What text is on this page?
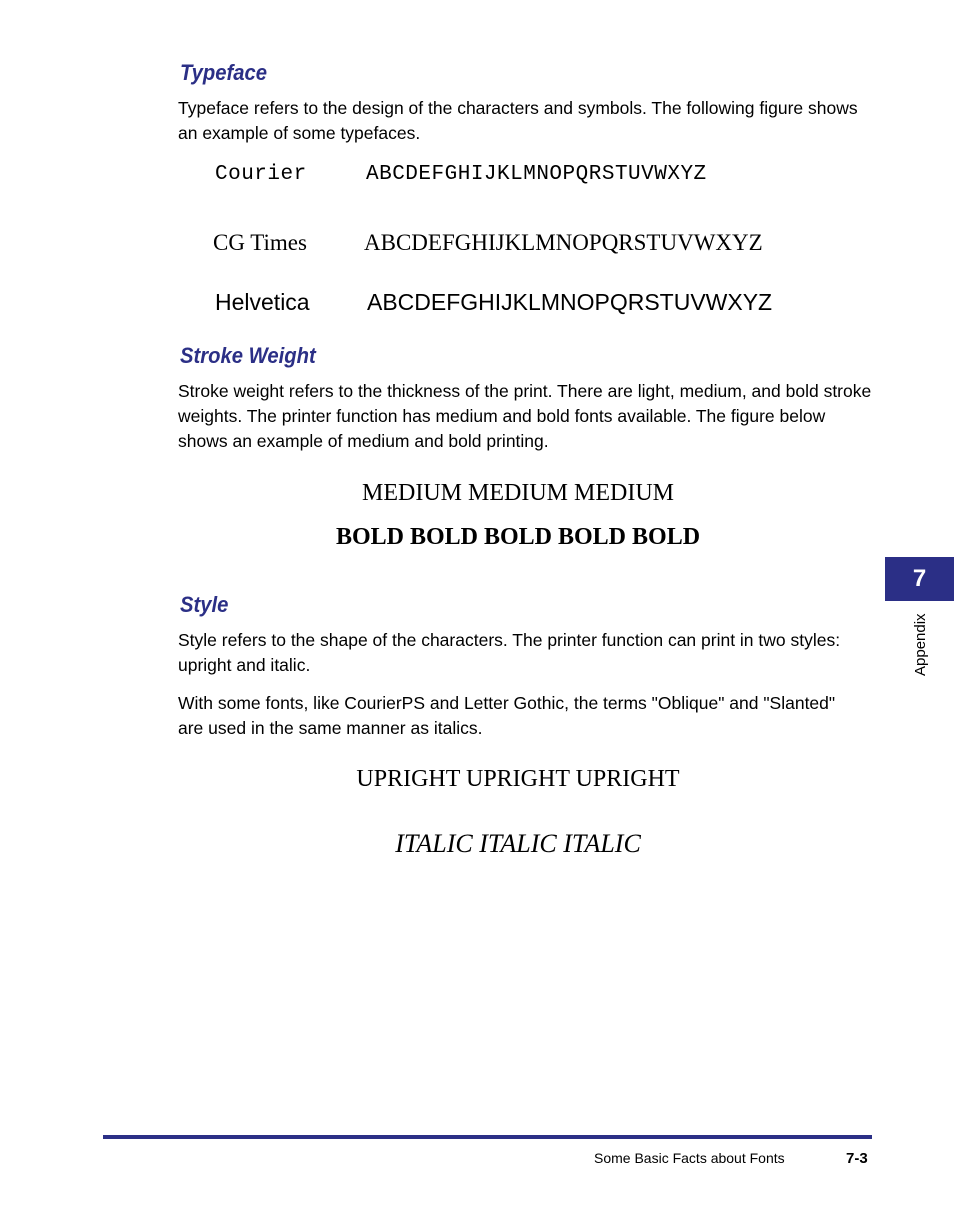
Typeface

Typeface refers to the design of the characters and symbols. The following figure shows an example of some typefaces.

Courier	ABCDEFGHIJKLMNOPQRSTUVWXYZ
CG Times ABCDEFGHIJKLMNOPQRSTUVWXYZ
Helvetica ABCDEFGHIJKLMNOPQRSTUVWXYZ
Stroke Weight

Stroke weight refers to the thickness of the print. There are light, medium, and bold stroke weights. The printer function has medium and bold fonts available. The figure below shows an example of medium and bold printing.

MEDIUM MEDIUM MEDIUM
BOLD BOLD BOLD BOLD BOLD
Style

Style refers to the shape of the characters. The printer function can print in two styles: upright and italic.

With some fonts, like CourierPS and Letter Gothic, the terms "Oblique" and "Slanted" are used in the same manner as italics.

UPRIGHT UPRIGHT UPRIGHT
ITALIC ITALIC ITALIC
7
Appendix
Some Basic Facts about Fonts	7-3
